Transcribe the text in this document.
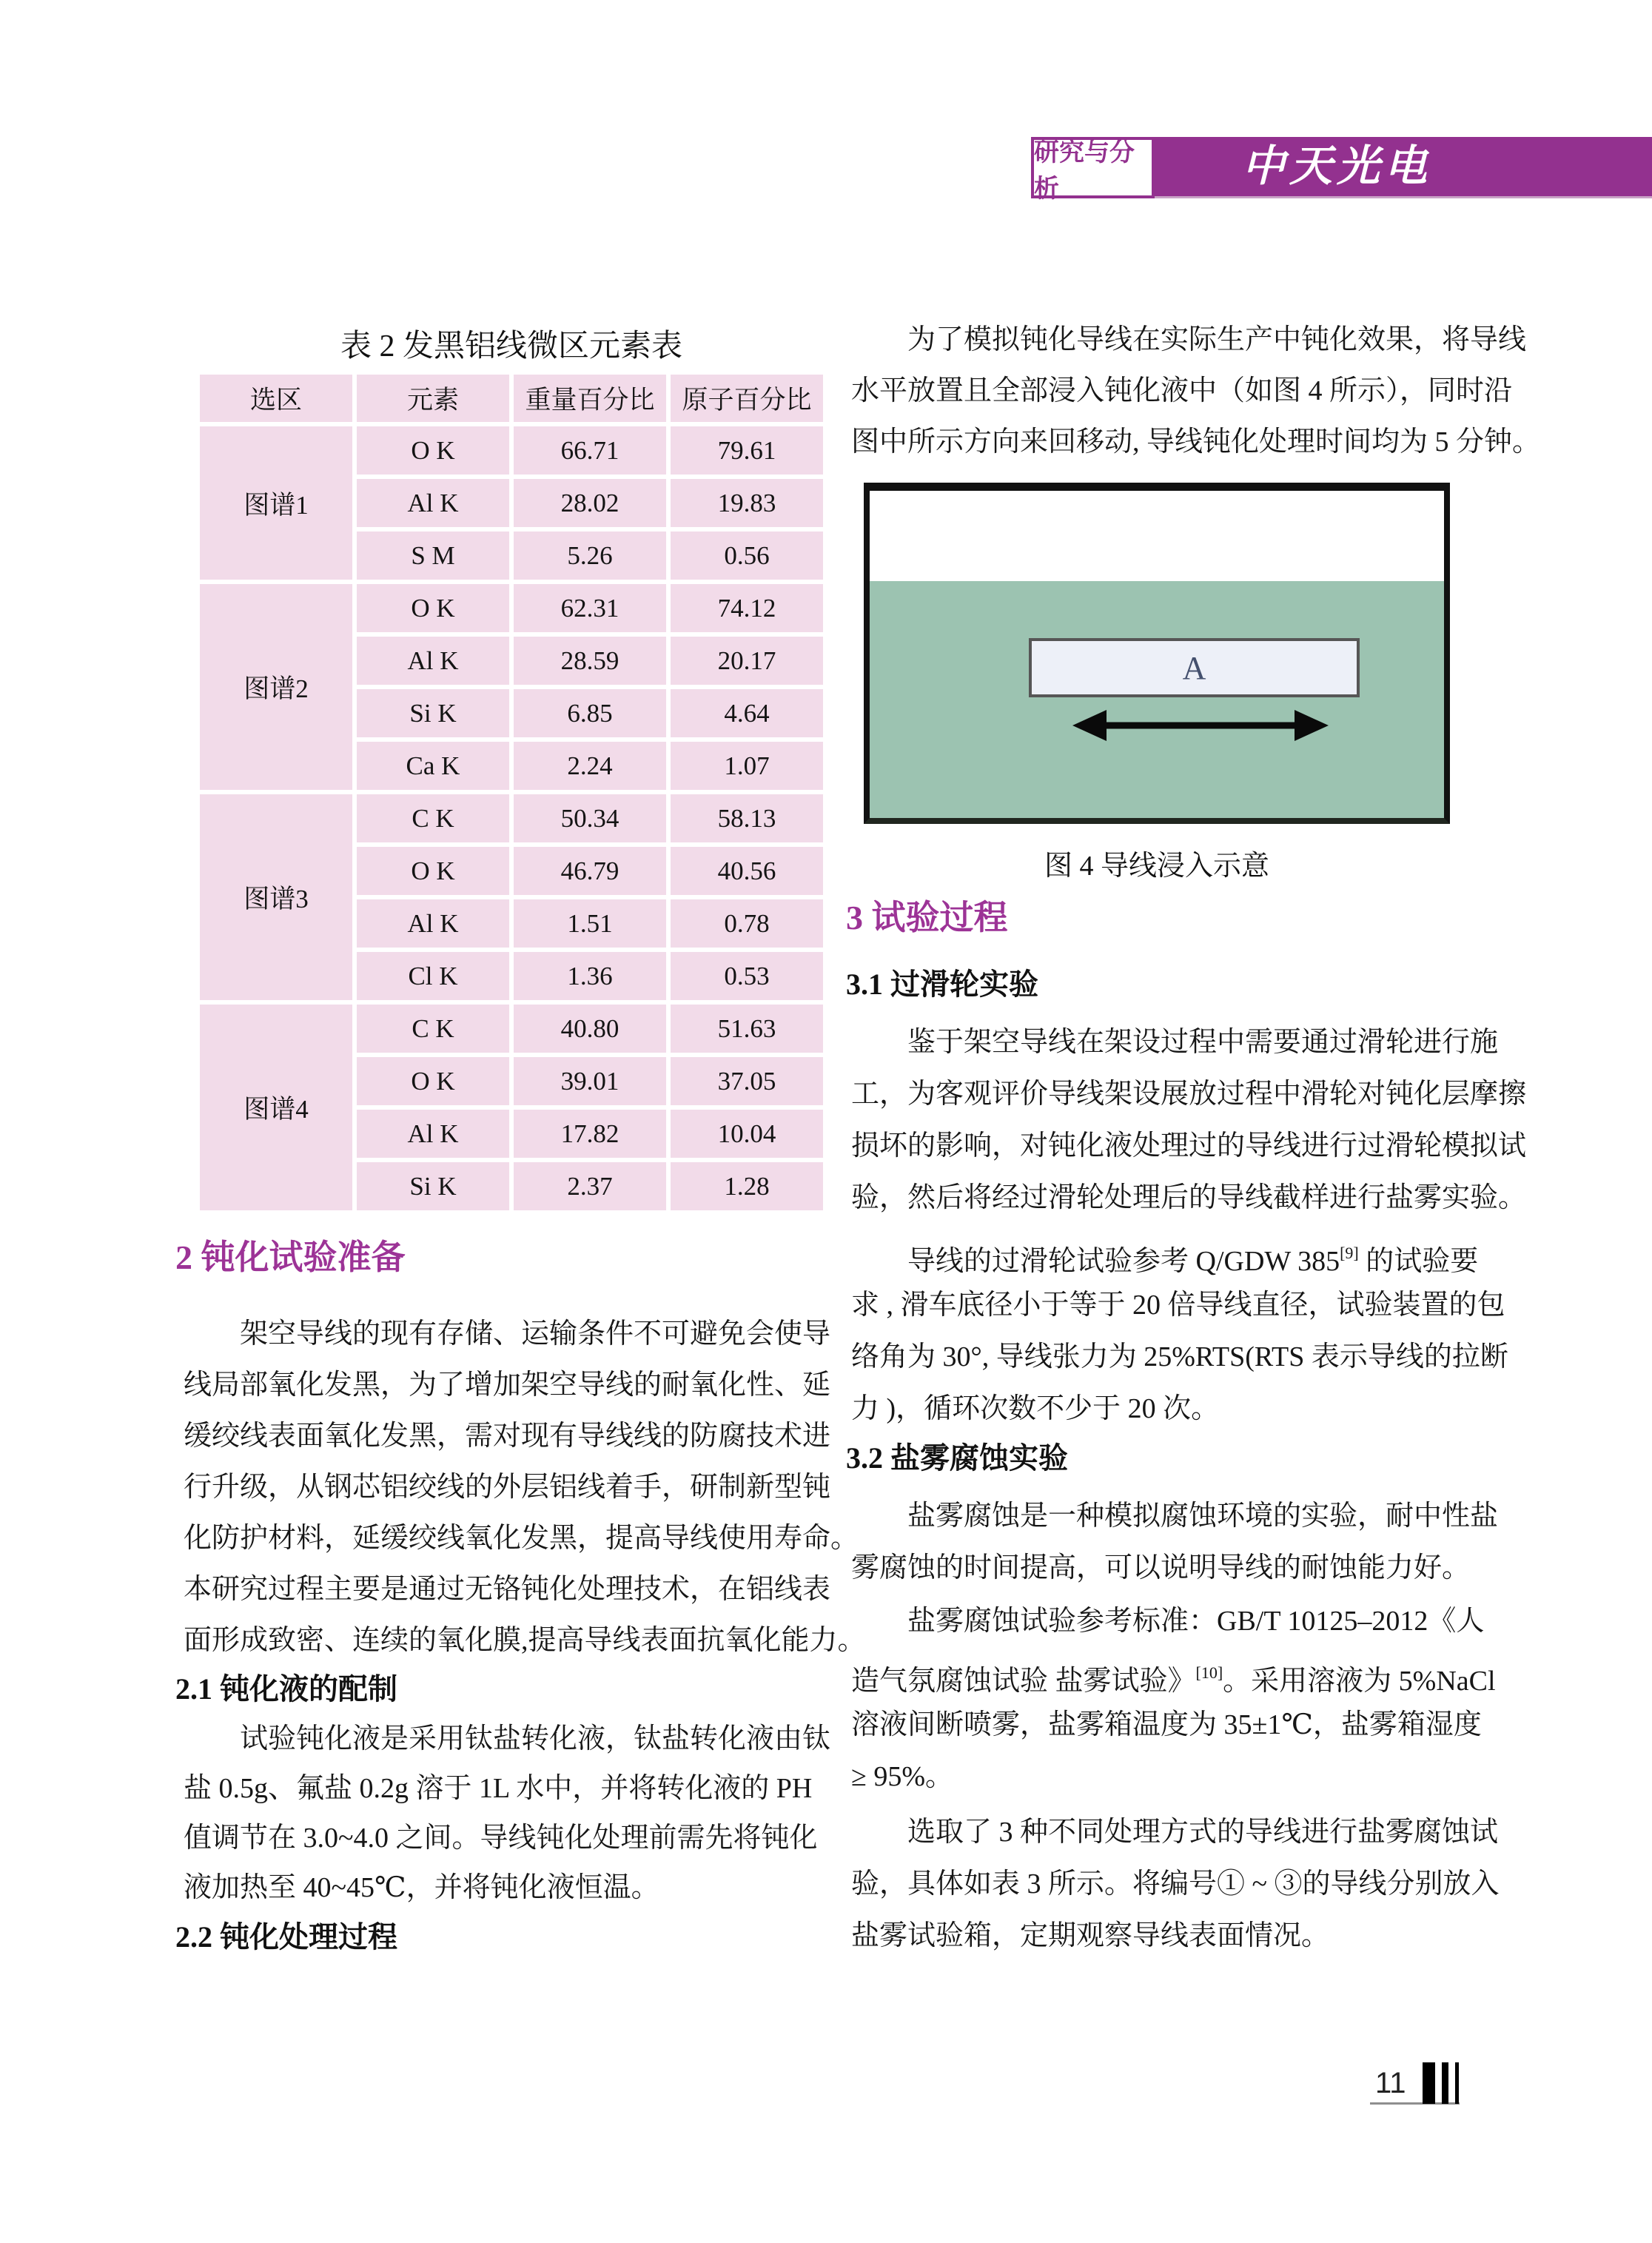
研究与分析	中天光电
表 2 发黑铝线微区元素表
选区	元素	重量百分比	原子百分比
图谱1	O K	66.71	79.61
	Al K	28.02	19.83
	S M	5.26	0.56
图谱2	O K	62.31	74.12
	Al K	28.59	20.17
	Si K	6.85	4.64
	Ca K	2.24	1.07
图谱3	C K	50.34	58.13
	O K	46.79	40.56
	Al K	1.51	0.78
	Cl K	1.36	0.53
图谱4	C K	40.80	51.63
	O K	39.01	37.05
	Al K	17.82	10.04
	Si K	2.37	1.28
2 钝化试验准备
架空导线的现有存储、运输条件不可避免会使导
线局部氧化发黑，为了增加架空导线的耐氧化性、延
缓绞线表面氧化发黑，需对现有导线线的防腐技术进
行升级，从钢芯铝绞线的外层铝线着手，研制新型钝
化防护材料，延缓绞线氧化发黑，提高导线使用寿命。
本研究过程主要是通过无铬钝化处理技术，在铝线表
面形成致密、连续的氧化膜,提高导线表面抗氧化能力。
2.1 钝化液的配制
试验钝化液是采用钛盐转化液，钛盐转化液由钛
盐 0.5g、氟盐 0.2g 溶于 1L 水中，并将转化液的 PH
值调节在 3.0~4.0 之间。导线钝化处理前需先将钝化
液加热至 40~45℃，并将钝化液恒温。
2.2 钝化处理过程
为了模拟钝化导线在实际生产中钝化效果，将导线
水平放置且全部浸入钝化液中（如图 4 所示），同时沿
图中所示方向来回移动, 导线钝化处理时间均为 5 分钟。
A
图 4 导线浸入示意
3 试验过程
3.1 过滑轮实验
鉴于架空导线在架设过程中需要通过滑轮进行施
工，为客观评价导线架设展放过程中滑轮对钝化层摩擦
损坏的影响，对钝化液处理过的导线进行过滑轮模拟试
验，然后将经过滑轮处理后的导线截样进行盐雾实验。
导线的过滑轮试验参考 Q/GDW 385[9] 的试验要
求 , 滑车底径小于等于 20 倍导线直径，试验装置的包
络角为 30°, 导线张力为 25%RTS(RTS 表示导线的拉断
力 )，循环次数不少于 20 次。
3.2 盐雾腐蚀实验
盐雾腐蚀是一种模拟腐蚀环境的实验，耐中性盐
雾腐蚀的时间提高，可以说明导线的耐蚀能力好。
盐雾腐蚀试验参考标准：GB/T 10125–2012《人
造气氛腐蚀试验 盐雾试验》[10]。采用溶液为 5%NaCl
溶液间断喷雾，盐雾箱温度为 35±1℃，盐雾箱湿度
≥ 95%。
选取了 3 种不同处理方式的导线进行盐雾腐蚀试
验，具体如表 3 所示。将编号① ~ ③的导线分别放入
盐雾试验箱，定期观察导线表面情况。
11
